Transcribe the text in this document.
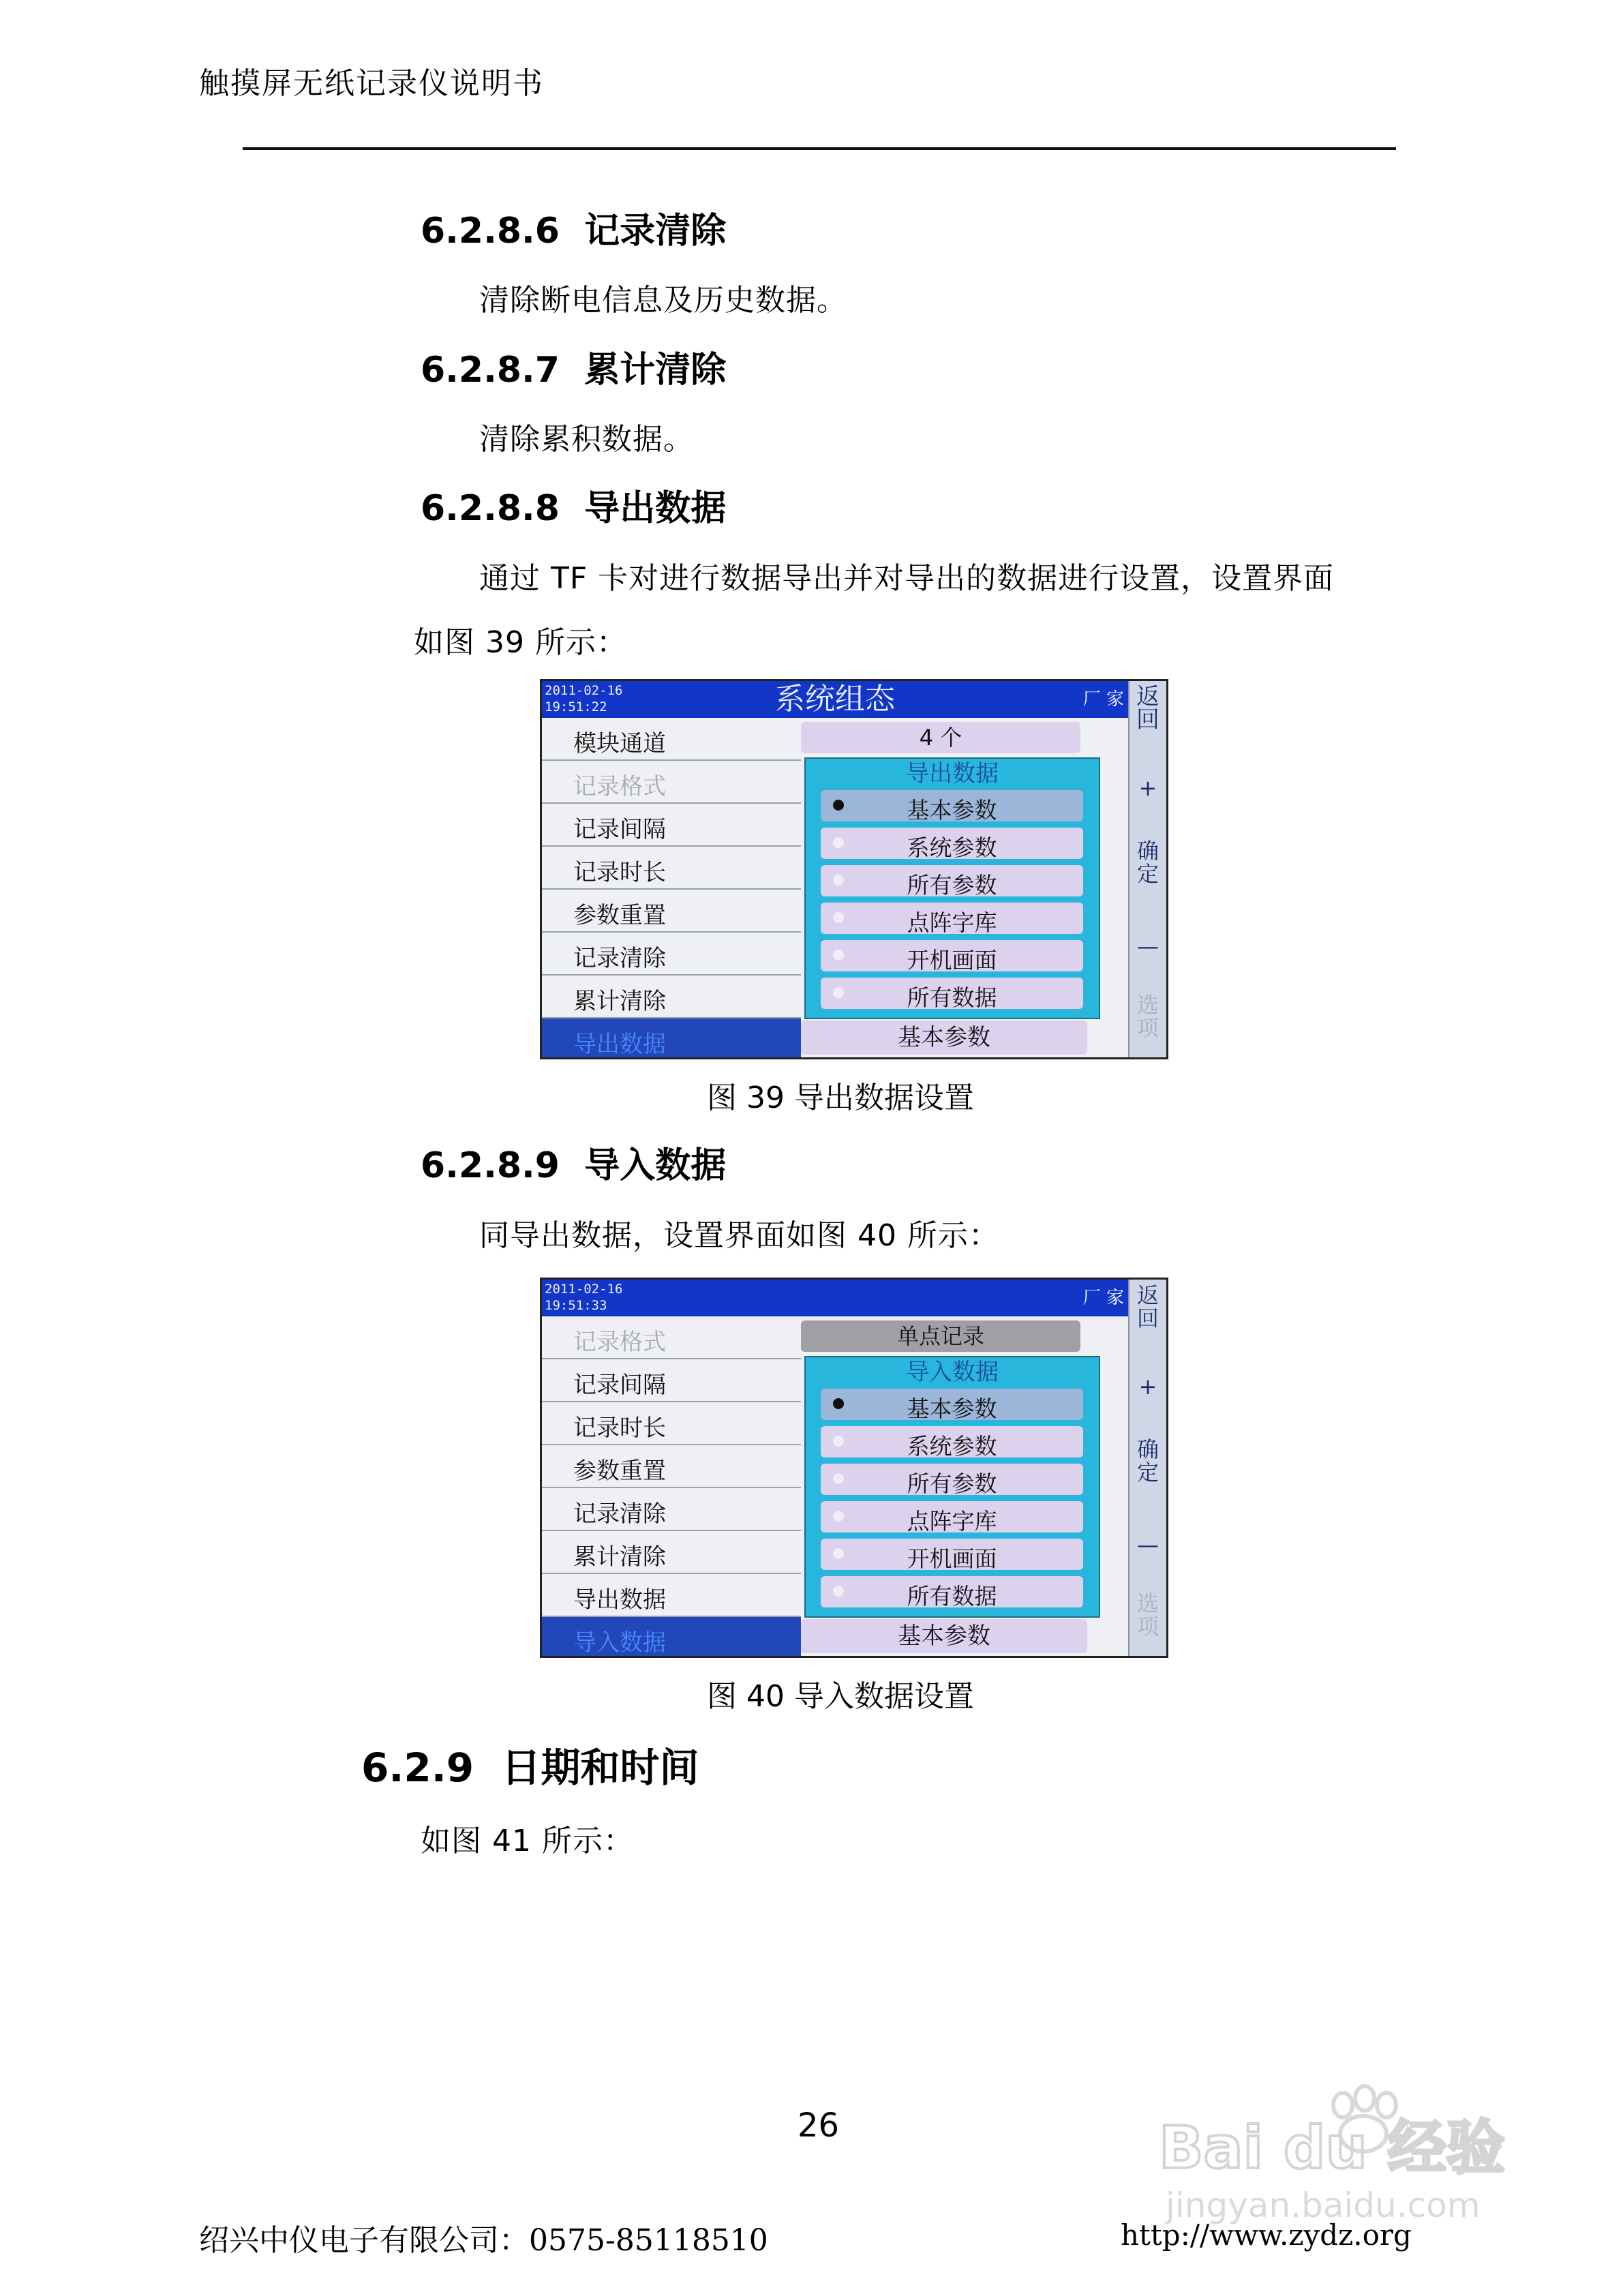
触摸屏无纸记录仪说明书
6.2.8.6 记录清除
清除断电信息及历史数据。
6.2.8.7 累计清除
清除累积数据。
6.2.8.8 导出数据
通过 TF 卡对进行数据导出并对导出的数据进行设置，设置界面
如图 39 所示：
2011-02-16
19:51:22	系统组态	厂 家
模块通道
记录格式
记录间隔
记录时长
参数重置
记录清除
累计清除
导出数据
4 个
导出数据
基本参数
系统参数
所有参数
点阵字库
开机画面
所有数据
基本参数
返回
+
确定
—
选项
图 39 导出数据设置
6.2.8.9 导入数据
同导出数据，设置界面如图 40 所示：
2011-02-16
19:51:33	厂 家
记录格式
记录间隔
记录时长
参数重置
记录清除
累计清除
导出数据
导入数据
单点记录
导入数据
基本参数
系统参数
所有参数
点阵字库
开机画面
所有数据
基本参数
返回
+
确定
—
选项
图 40 导入数据设置
6.2.9 日期和时间
如图 41 所示：
26
绍兴中仪电子有限公司：0575-85118510	http://www.zydz.org
Bai du 经验
jingyan.baidu.com
